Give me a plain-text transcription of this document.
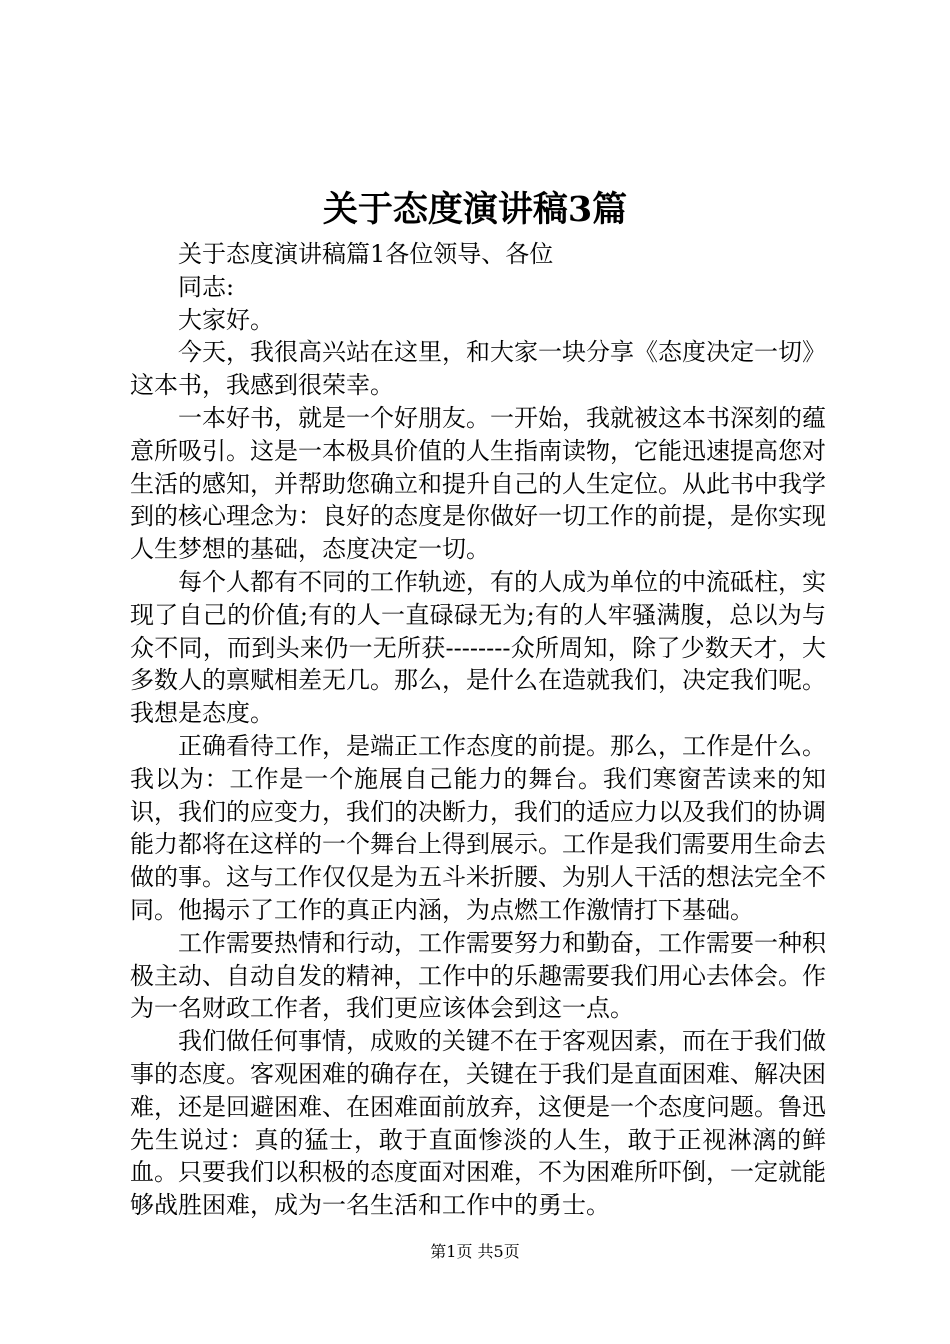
关于态度演讲稿3篇

关于态度演讲稿篇1各位领导、各位

同志:

大家好。

今天，我很高兴站在这里，和大家一块分享《态度决定一切》这本书，我感到很荣幸。

一本好书，就是一个好朋友。一开始，我就被这本书深刻的蕴意所吸引。这是一本极具价值的人生指南读物，它能迅速提高您对生活的感知，并帮助您确立和提升自己的人生定位。从此书中我学到的核心理念为：良好的态度是你做好一切工作的前提，是你实现人生梦想的基础，态度决定一切。

每个人都有不同的工作轨迹，有的人成为单位的中流砥柱，实现了自己的价值;有的人一直碌碌无为;有的人牢骚满腹，总以为与众不同，而到头来仍一无所获--------众所周知，除了少数天才，大多数人的禀赋相差无几。那么，是什么在造就我们，决定我们呢。我想是态度。

正确看待工作，是端正工作态度的前提。那么，工作是什么。我以为：工作是一个施展自己能力的舞台。我们寒窗苦读来的知识，我们的应变力，我们的决断力，我们的适应力以及我们的协调能力都将在这样的一个舞台上得到展示。工作是我们需要用生命去做的事。这与工作仅仅是为五斗米折腰、为别人干活的想法完全不同。他揭示了工作的真正内涵，为点燃工作激情打下基础。

工作需要热情和行动，工作需要努力和勤奋，工作需要一种积极主动、自动自发的精神，工作中的乐趣需要我们用心去体会。作为一名财政工作者，我们更应该体会到这一点。

我们做任何事情，成败的关键不在于客观因素，而在于我们做事的态度。客观困难的确存在，关键在于我们是直面困难、解决困难，还是回避困难、在困难面前放弃，这便是一个态度问题。鲁迅先生说过：真的猛士，敢于直面惨淡的人生，敢于正视淋漓的鲜血。只要我们以积极的态度面对困难，不为困难所吓倒，一定就能够战胜困难，成为一名生活和工作中的勇士。

第1页 共5页
